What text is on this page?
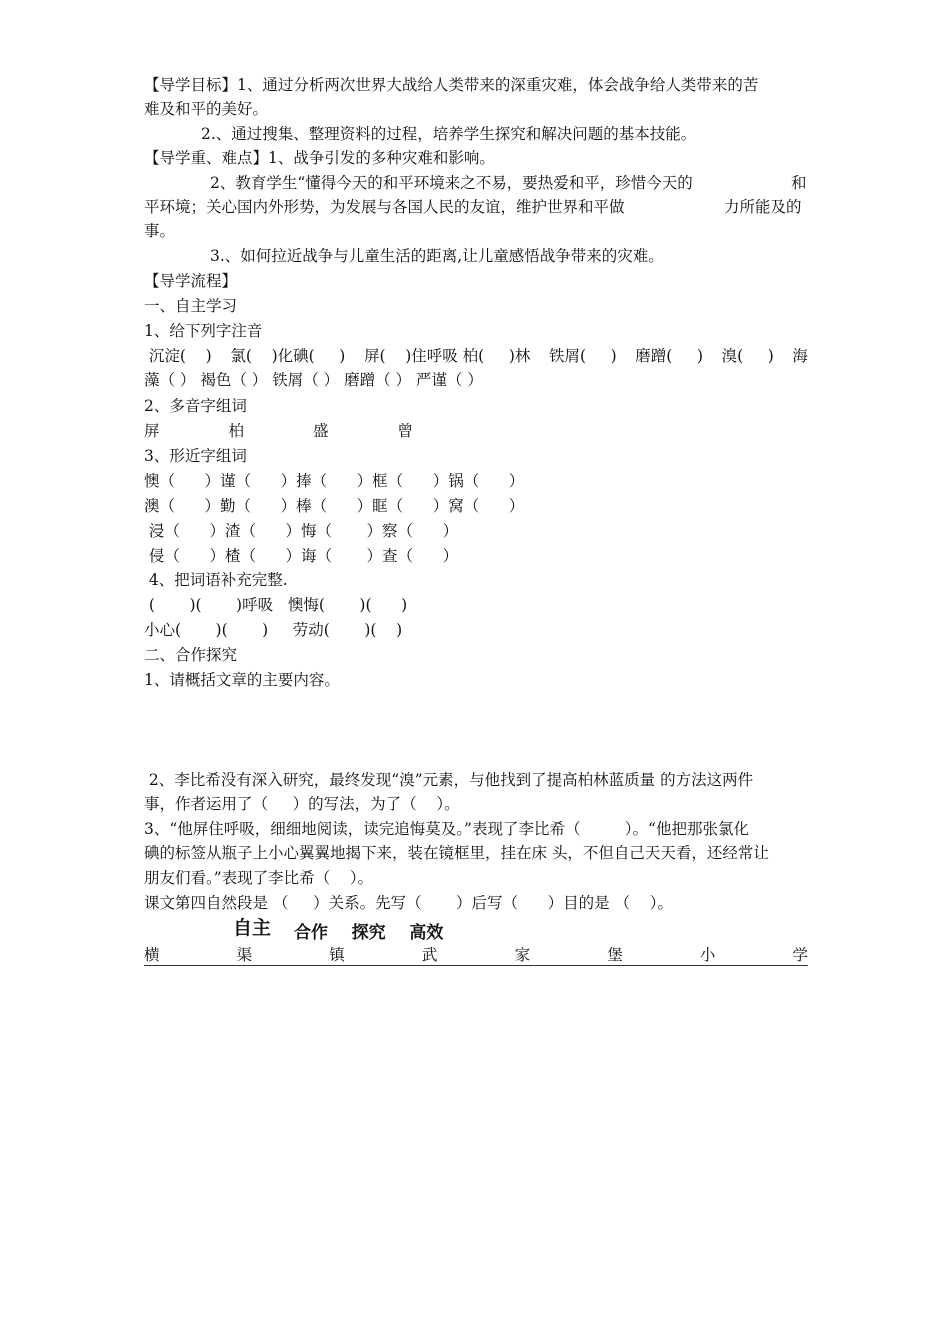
【导学目标】1、通过分析两次世界大战给人类带来的深重灾难，体会战争给人类带来的苦
难及和平的美好。
2.、通过搜集、整理资料的过程，培养学生探究和解决问题的基本技能。
【导学重、难点】1、战争引发的多种灾难和影响。
2、教育学生“懂得今天的和平环境来之不易，要热爱和平，珍惜今天的	和
平环境；关心国内外形势，为发展与各国人民的友谊，维护世界和平做	力所能及的
事。
3.、如何拉近战争与儿童生活的距离,让儿童感悟战争带来的灾难。
【导学流程】
一、自主学习
1、给下列字注音
沉淀(    ) 氯(    )化碘(     ) 屏(    )住呼吸 柏(     )林 铁屑(     ) 磨蹭(     ) 溴(     ) 海
藻（ ） 褐色（ ） 铁屑（ ） 磨蹭（ ） 严谨（ ）
2、多音字组词
屏              柏              盛              曾
3、形近字组词
懊（      ）谨（      ）捧（      ）框（      ）锅（      ）
澳（      ）勤（      ）棒（      ）眶（      ）窝（      ）
浸（      ）渣（      ）悔（       ）察（      ）
侵（      ）楂（      ）诲（       ）查（      ）
4、把词语补充完整.
(       )(       )呼吸   懊悔(       )(      )
小心(       )(       )     劳动(       )(    )
二、合作探究
1、请概括文章的主要内容。
2、李比希没有深入研究，最终发现“溴”元素，与他找到了提高柏林蓝质量 的方法这两件
事，作者运用了（     ）的写法，为了（    ）。
3、“他屏住呼吸，细细地阅读，读完追悔莫及。”表现了李比希（         ）。“他把那张氯化
碘的标签从瓶子上小心翼翼地揭下来，装在镜框里，挂在床 头，不但自己天天看，还经常让
朋友们看。”表现了李比希（    ）。
课文第四自然段是 （     ）关系。先写（       ）后写（      ）目的是 （    ）。
自主 合作    探究    高效
横	渠	镇	武	家	堡	小	学
